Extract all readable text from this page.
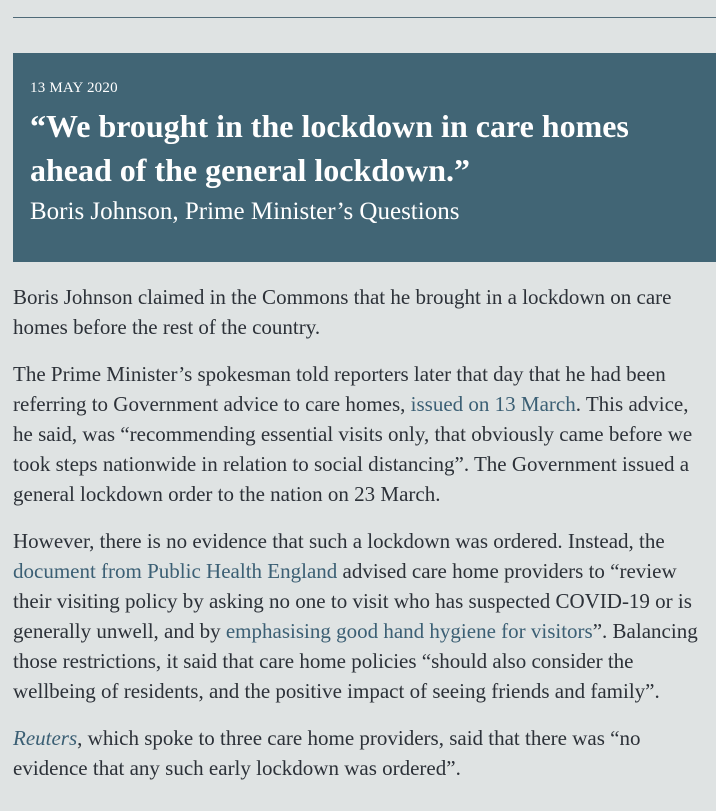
13 MAY 2020
“We brought in the lockdown in care homes
ahead of the general lockdown.”
Boris Johnson, Prime Minister’s Questions

Boris Johnson claimed in the Commons that he brought in a lockdown on care
homes before the rest of the country.

The Prime Minister’s spokesman told reporters later that day that he had been
referring to Government advice to care homes, issued on 13 March. This advice,
he said, was “recommending essential visits only, that obviously came before we
took steps nationwide in relation to social distancing”. The Government issued a
general lockdown order to the nation on 23 March.

However, there is no evidence that such a lockdown was ordered. Instead, the
document from Public Health England advised care home providers to “review
their visiting policy by asking no one to visit who has suspected COVID-19 or is
generally unwell, and by emphasising good hand hygiene for visitors”. Balancing
those restrictions, it said that care home policies “should also consider the
wellbeing of residents, and the positive impact of seeing friends and family”.

Reuters, which spoke to three care home providers, said that there was “no
evidence that any such early lockdown was ordered”.
